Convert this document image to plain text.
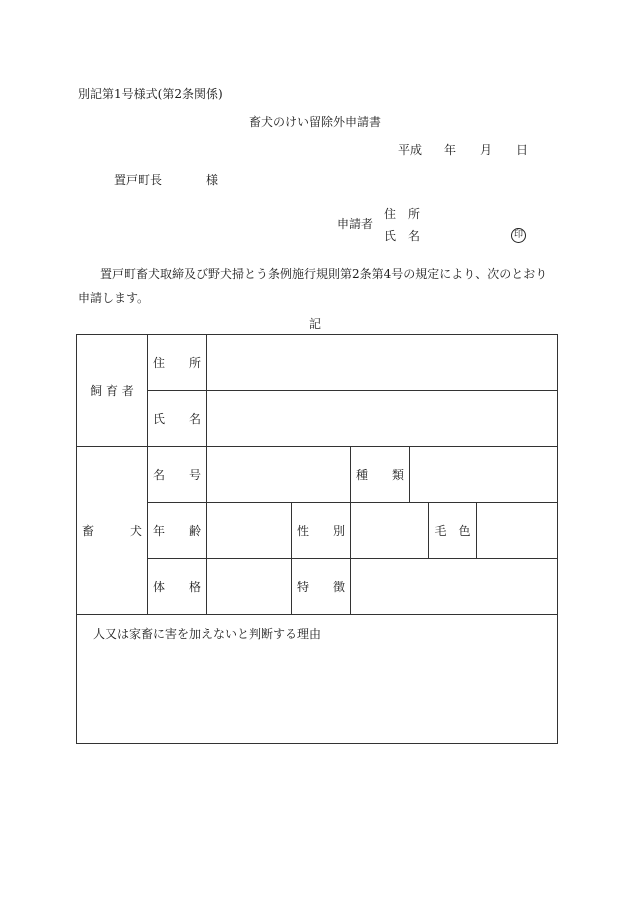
別記第1号様式(第2条関係)
畜犬のけい留除外申請書
平成 年 月 日
置戸町長	様
申請者
住　所
氏　名	印
置戸町畜犬取締及び野犬掃とう条例施行規則第2条第4号の規定により、次のとおり申請します。
記
飼 育 者	住　　所						
	氏　　名						
畜　　　犬	名　　号			種　　類			
	年　　齢		性　　別			毛　色	
	体　　格		特　　徴				
人又は家畜に害を加えないと判断する理由							
